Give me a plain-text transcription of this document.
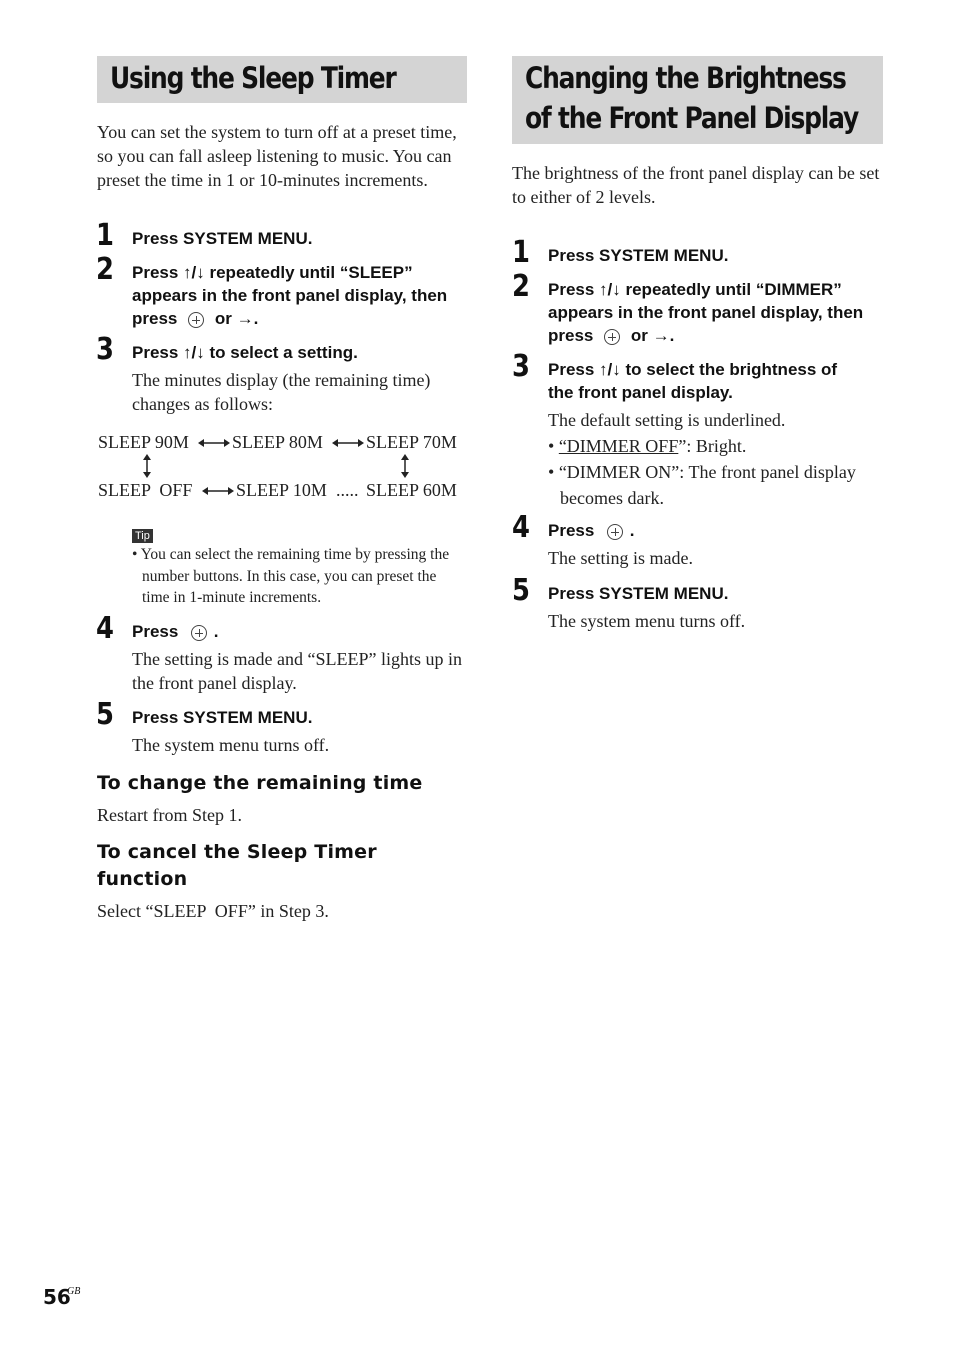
Using the Sleep Timer
You can set the system to turn off at a preset time, so you can fall asleep listening to music. You can preset the time in 1 or 10-minutes increments.
1 Press SYSTEM MENU.
2 Press ↑/↓ repeatedly until “SLEEP”
appears in the front panel display, then
press or →.
3 Press ↑/↓ to select a setting.
The minutes display (the remaining time) changes as follows:
SLEEP 90M SLEEP 80M SLEEP 70M
SLEEP  OFF SLEEP 10M ..... SLEEP 60M
Tip
• You can select the remaining time by pressing the number buttons. In this case, you can preset the time in 1-minute increments.
4 Press .
The setting is made and “SLEEP” lights up in the front panel display.
5 Press SYSTEM MENU.
The system menu turns off.
To change the remaining time
Restart from Step 1.
To cancel the Sleep Timer
function
Select “SLEEP  OFF” in Step 3.
Changing the Brightness
of the Front Panel Display
The brightness of the front panel display can be set to either of 2 levels.
1 Press SYSTEM MENU.
2 Press ↑/↓ repeatedly until “DIMMER”
appears in the front panel display, then
press or →.
3 Press ↑/↓ to select the brightness of
the front panel display.
The default setting is underlined.
• “DIMMER OFF”: Bright.
• “DIMMER ON”: The front panel display becomes dark.
4 Press .
The setting is made.
5 Press SYSTEM MENU.
The system menu turns off.
56
GB
